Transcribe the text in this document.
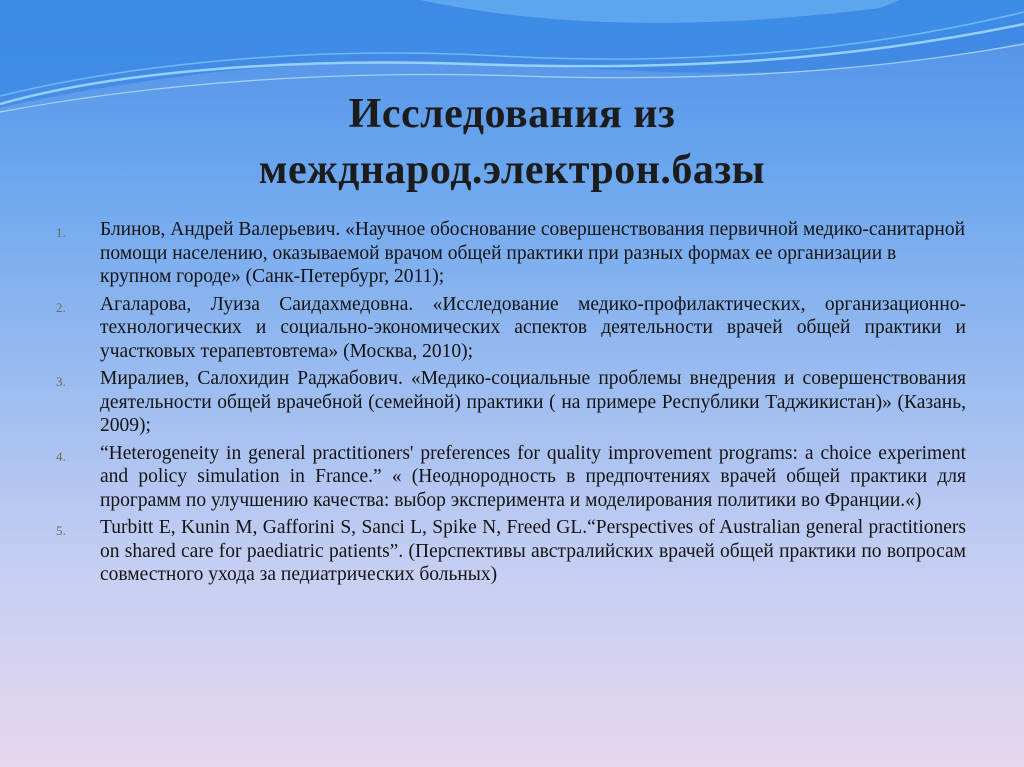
Исследования из
межднарод.электрон.базы
1. Блинов, Андрей Валерьевич. «Научное обоснование совершенствования первичной медико-санитарной помощи населению, оказываемой врачом общей практики при разных формах ее организации в крупном городе» (Санк-Петербург, 2011);
2. Агаларова, Луиза Саидахмедовна. «Исследование медико-профилактических, организационно-технологических и социально-экономических аспектов деятельности врачей общей практики и участковых терапевтовтема» (Москва, 2010);
3. Миралиев, Салохидин Раджабович. «Медико-социальные проблемы внедрения и совершенствования деятельности общей врачебной (семейной) практики ( на примере Республики Таджикистан)» (Казань, 2009);
4. “Heterogeneity in general practitioners' preferences for quality improvement programs: a choice experiment and policy simulation in France.” « (Неоднородность в предпочтениях врачей общей практики для программ по улучшению качества: выбор эксперимента и моделирования политики во Франции.«)
5. Turbitt E, Kunin M, Gafforini S, Sanci L, Spike N, Freed GL.“Perspectives of Australian general practitioners on shared care for paediatric patients”. (Перспективы австралийских врачей общей практики по вопросам совместного ухода за педиатрических больных)
